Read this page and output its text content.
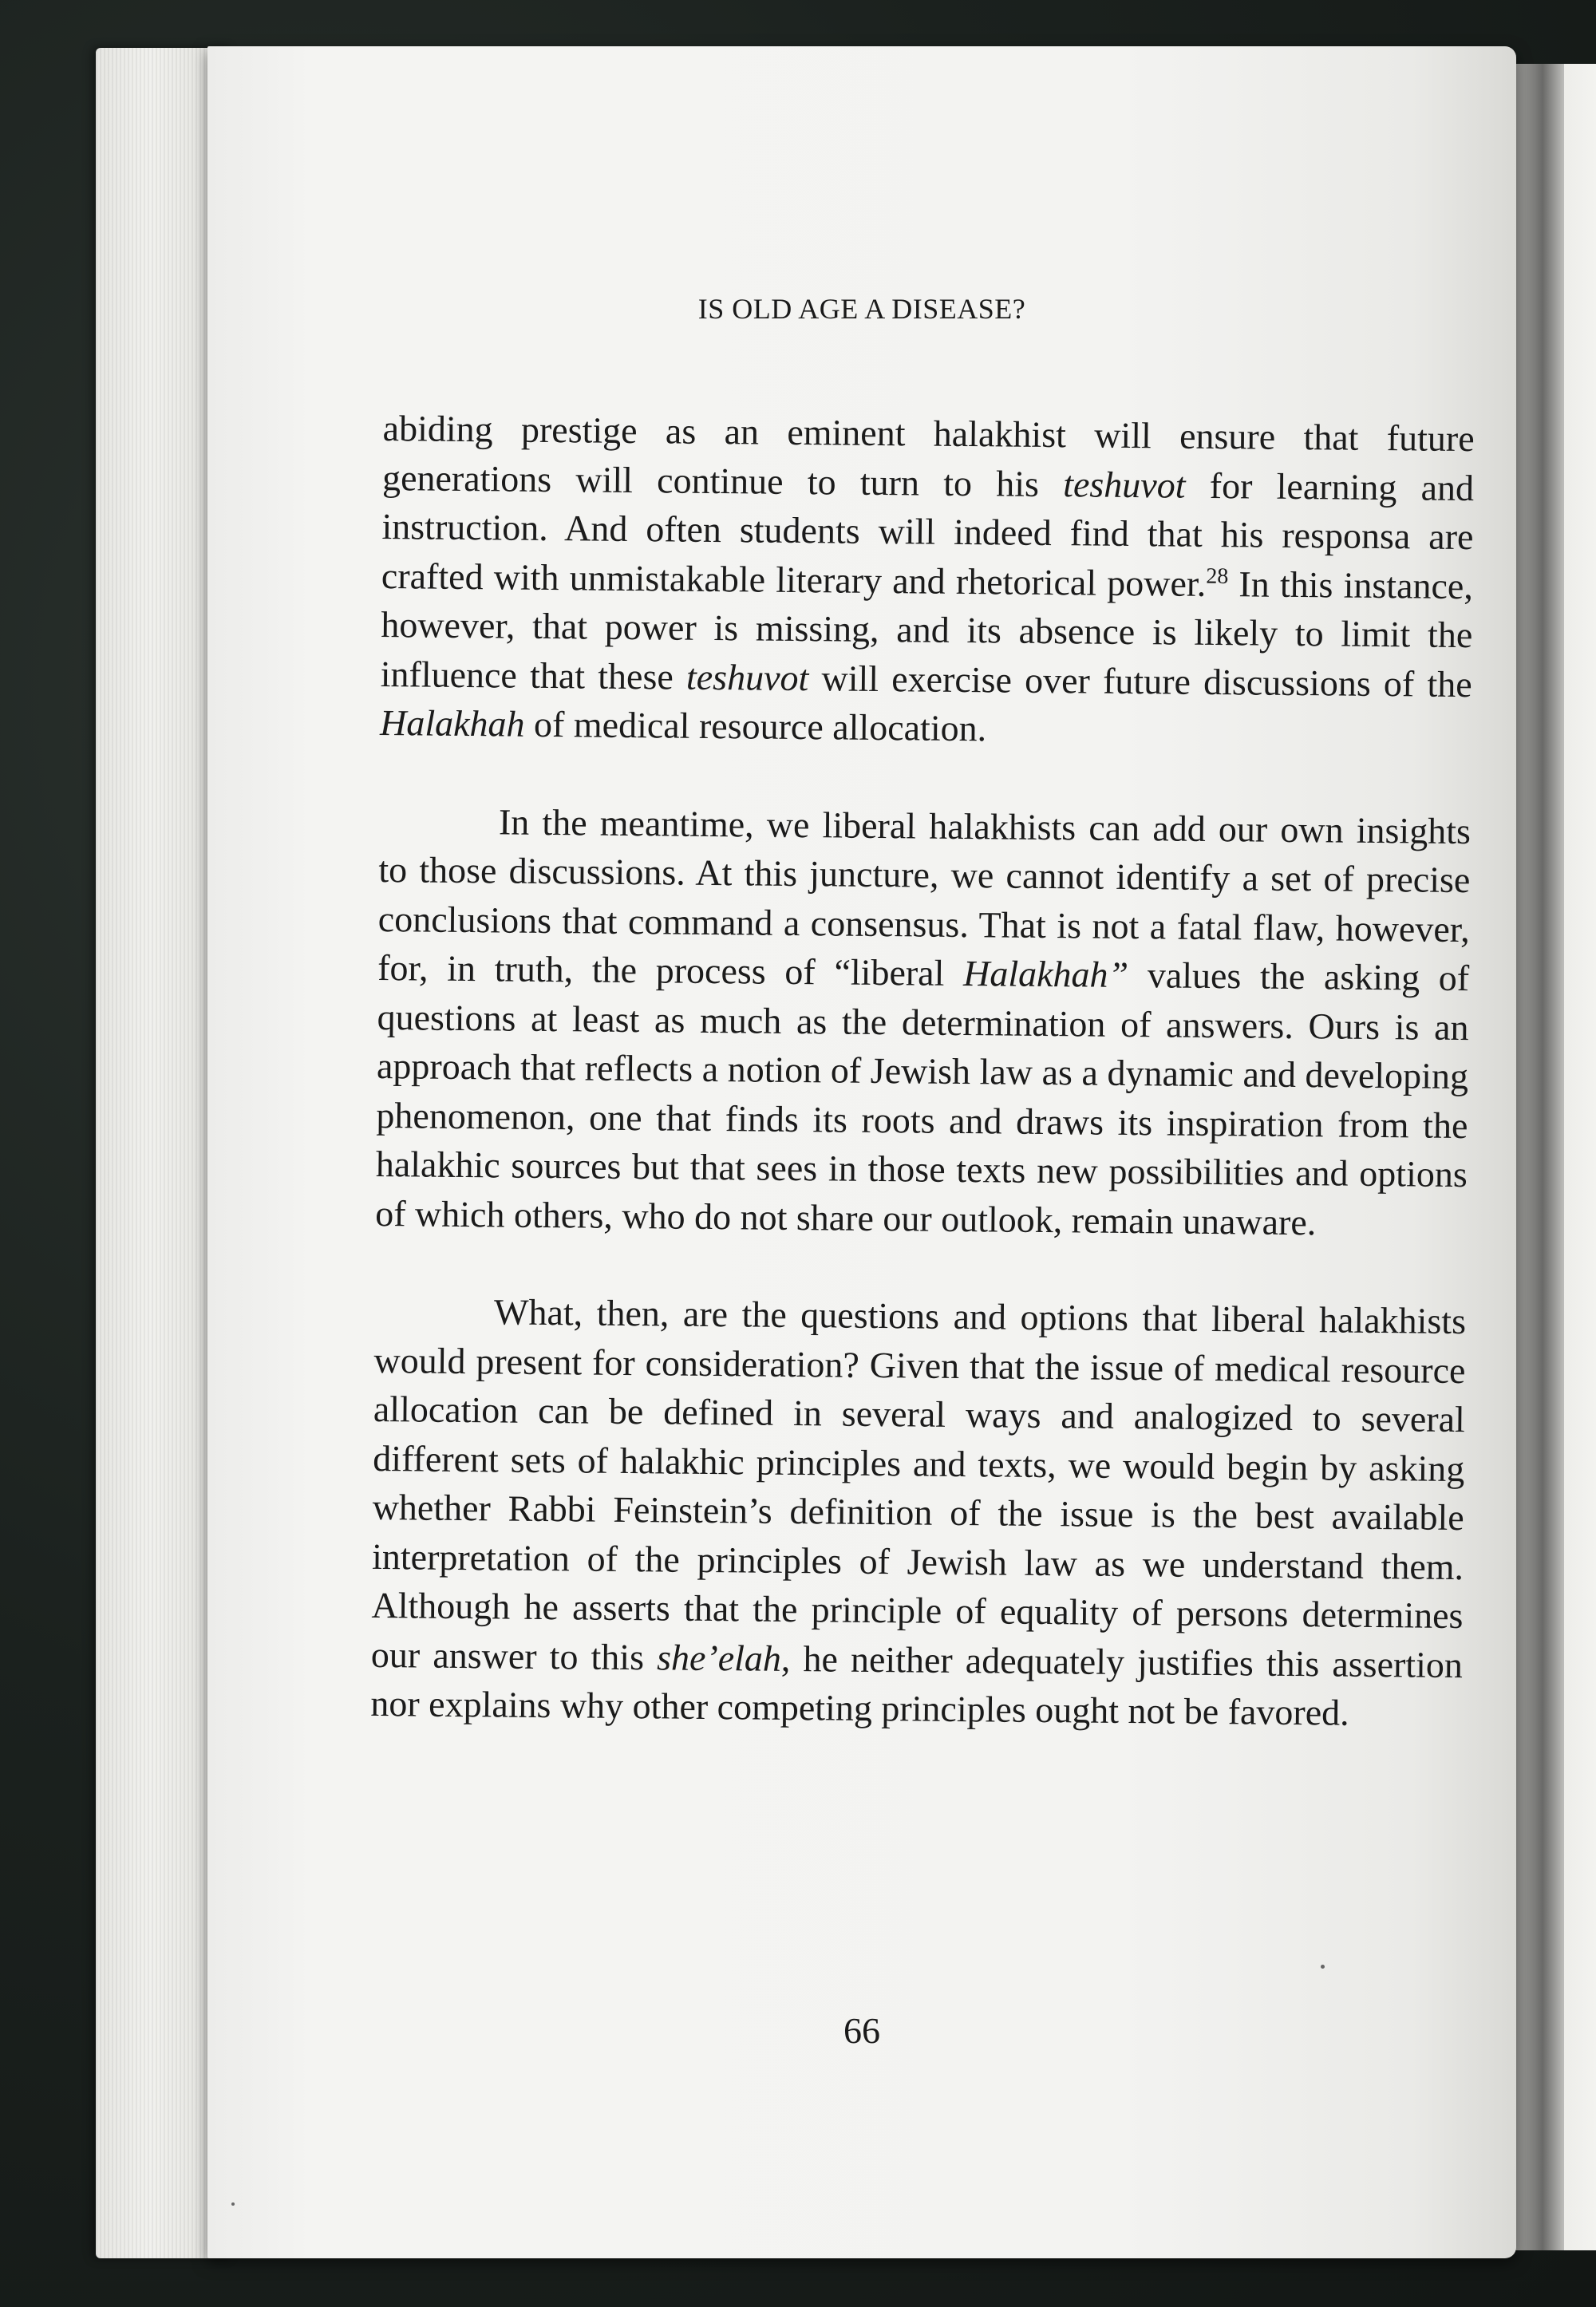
IS OLD AGE A DISEASE?

abiding prestige as an eminent halakhist will ensure that future generations will continue to turn to his teshuvot for learning and instruction. And often students will indeed find that his responsa are crafted with unmistakable literary and rhetorical power.$^{28}$ In this instance, however, that power is missing, and its absence is likely to limit the influence that these teshuvot will exercise over future discussions of the Halakhah of medical resource allocation.

In the meantime, we liberal halakhists can add our own insights to those discussions. At this juncture, we cannot identify a set of precise conclusions that command a consensus. That is not a fatal flaw, however, for, in truth, the process of “liberal Halakhah” values the asking of questions at least as much as the determination of answers. Ours is an approach that reflects a notion of Jewish law as a dynamic and developing phenomenon, one that finds its roots and draws its inspiration from the halakhic sources but that sees in those texts new possibilities and options of which others, who do not share our outlook, remain unaware.

What, then, are the questions and options that liberal halakhists would present for consideration? Given that the issue of medical resource allocation can be defined in several ways and analogized to several different sets of halakhic principles and texts, we would begin by asking whether Rabbi Feinstein’s definition of the issue is the best available interpretation of the principles of Jewish law as we understand them. Although he asserts that the principle of equality of persons determines our answer to this she’elah, he neither adequately justifies this assertion nor explains why other competing principles ought not be favored.

66
